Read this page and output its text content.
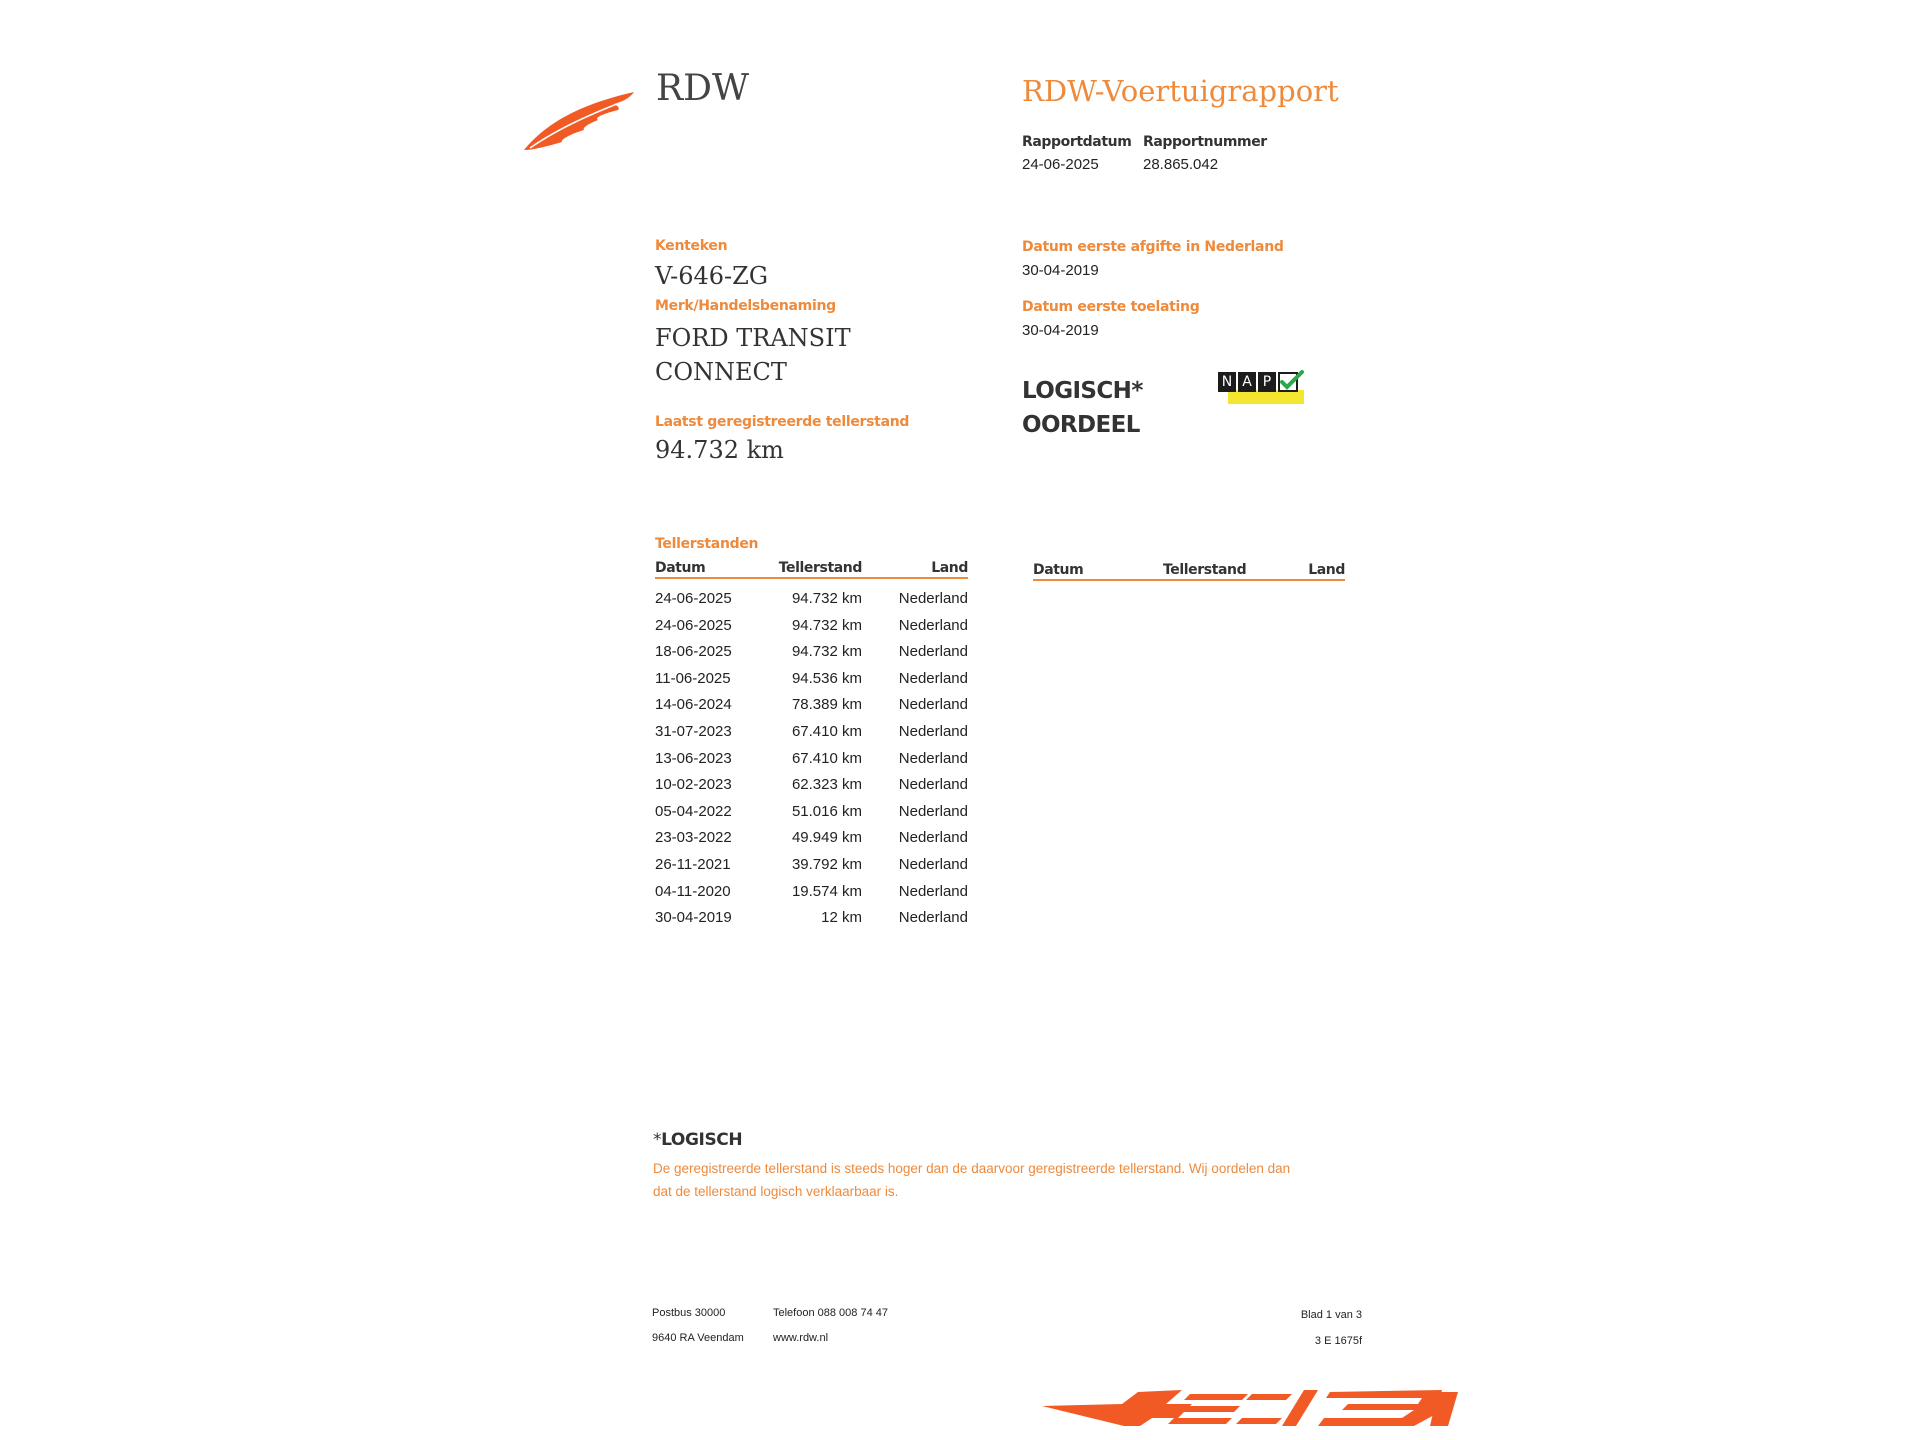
RDW	RDW-Voertuigrapport
Rapportdatum
24-06-2025
Rapportnummer
28.865.042
Kenteken
V-646-ZG
Merk/Handelsbenaming
FORD TRANSIT
CONNECT
Laatst geregistreerde tellerstand
94.732 km
Datum eerste afgifte in Nederland
30-04-2019
Datum eerste toelating
30-04-2019
LOGISCH*
OORDEEL
N A P
Tellerstanden
Datum	Tellerstand	Land
24-06-2025	94.732 km	Nederland
24-06-2025	94.732 km	Nederland
18-06-2025	94.732 km	Nederland
11-06-2025	94.536 km	Nederland
14-06-2024	78.389 km	Nederland
31-07-2023	67.410 km	Nederland
13-06-2023	67.410 km	Nederland
10-02-2023	62.323 km	Nederland
05-04-2022	51.016 km	Nederland
23-03-2022	49.949 km	Nederland
26-11-2021	39.792 km	Nederland
04-11-2020	19.574 km	Nederland
30-04-2019	12 km	Nederland
Datum	Tellerstand	Land
*LOGISCH
De geregistreerde tellerstand is steeds hoger dan de daarvoor geregistreerde tellerstand. Wij oordelen dan
dat de tellerstand logisch verklaarbaar is.
Postbus 30000
9640 RA Veendam
Telefoon 088 008 74 47
www.rdw.nl
Blad 1 van 3
3 E 1675f
